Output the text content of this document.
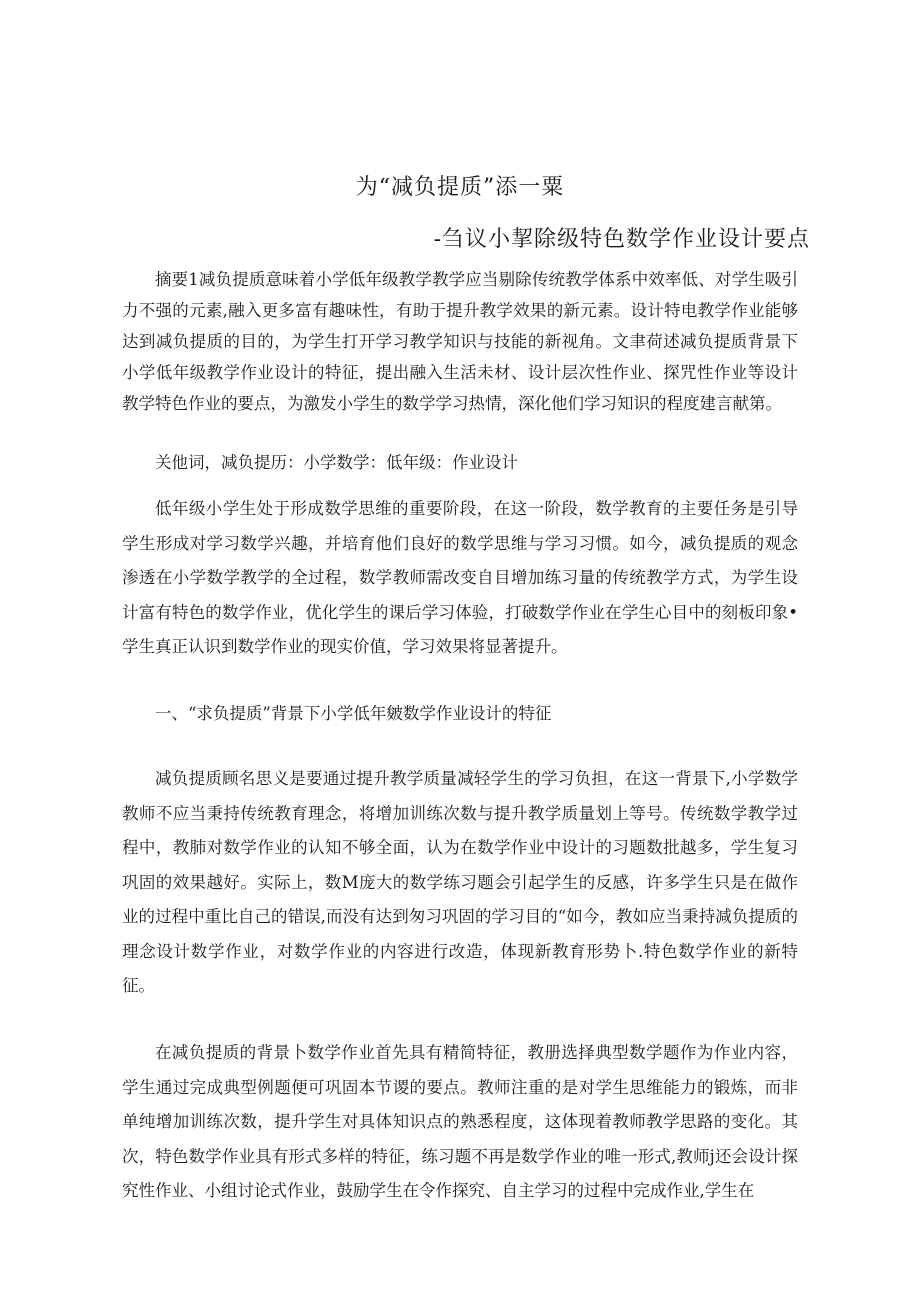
为“减负提质”添一粟
-刍议小挈除级特色数学作业设计要点

摘要1减负提质意味着小学低年级教学教学应当剔除传统教学体系中效率低、对学生吸引力不强的元素,融入更多富有趣味性，有助于提升教学效果的新元素。设计特电教学作业能够达到减负提质的目的，为学生打开学习教学知识与技能的新视角。文聿荷述减负提质背景下小学低年级教学作业设计的特征，提出融入生活未材、设计层次性作业、探咒性作业等设计教学特色作业的要点，为激发小学生的数学学习热情，深化他们学习知识的程度建言献第。

关他词，减负提历：小学数学：低年级：作业设计

低年级小学生处于形成数学思维的重要阶段，在这一阶段，数学教育的主要任务是引导学生形成对学习数学兴趣，并培育他们良好的数学思维与学习习惯。如今，减负提质的观念渗透在小学数学教学的全过程，数学教师需改变自目增加练习量的传统教学方式，为学生设计富有特色的数学作业，优化学生的课后学习体验，打破数学作业在学生心目中的刻板印象•学生真正认识到数学作业的现实价值，学习效果将显著提升。

一、“求负提质”背景下小学低年皴数学作业设计的特征

减负提质顾名思义是要通过提升教学质量减轻学生的学习负担，在这一背景下,小学数学教师不应当秉持传统教育理念，将增加训练次数与提升教学质量划上等号。传统数学教学过程中，教肺对数学作业的认知不够全面，认为在数学作业中设计的习题数批越多，学生复习巩固的效果越好。实际上，数M庞大的数学练习题会引起学生的反感，许多学生只是在做作业的过程中重比自己的错误,而没有达到匆习巩固的学习目的“如今，教如应当秉持减负提质的理念设计数学作业，对数学作业的内容进行改造，体现新教育形势卜.特色数学作业的新特征。

在减负提质的背景卜数学作业首先具有精简特征，教册选择典型数学题作为作业内容，学生通过完成典型例题便可巩固本节谡的要点。教师注重的是对学生思维能力的锻炼，而非单纯增加训练次数，提升学生对具体知识点的熟悉程度，这体现着教师教学思路的变化。其次，特色数学作业具有形式多样的特征，练习题不再是数学作业的唯一形式,教师j还会设计探究性作业、小组讨论式作业，鼓励学生在令作探究、自主学习的过程中完成作业,学生在
